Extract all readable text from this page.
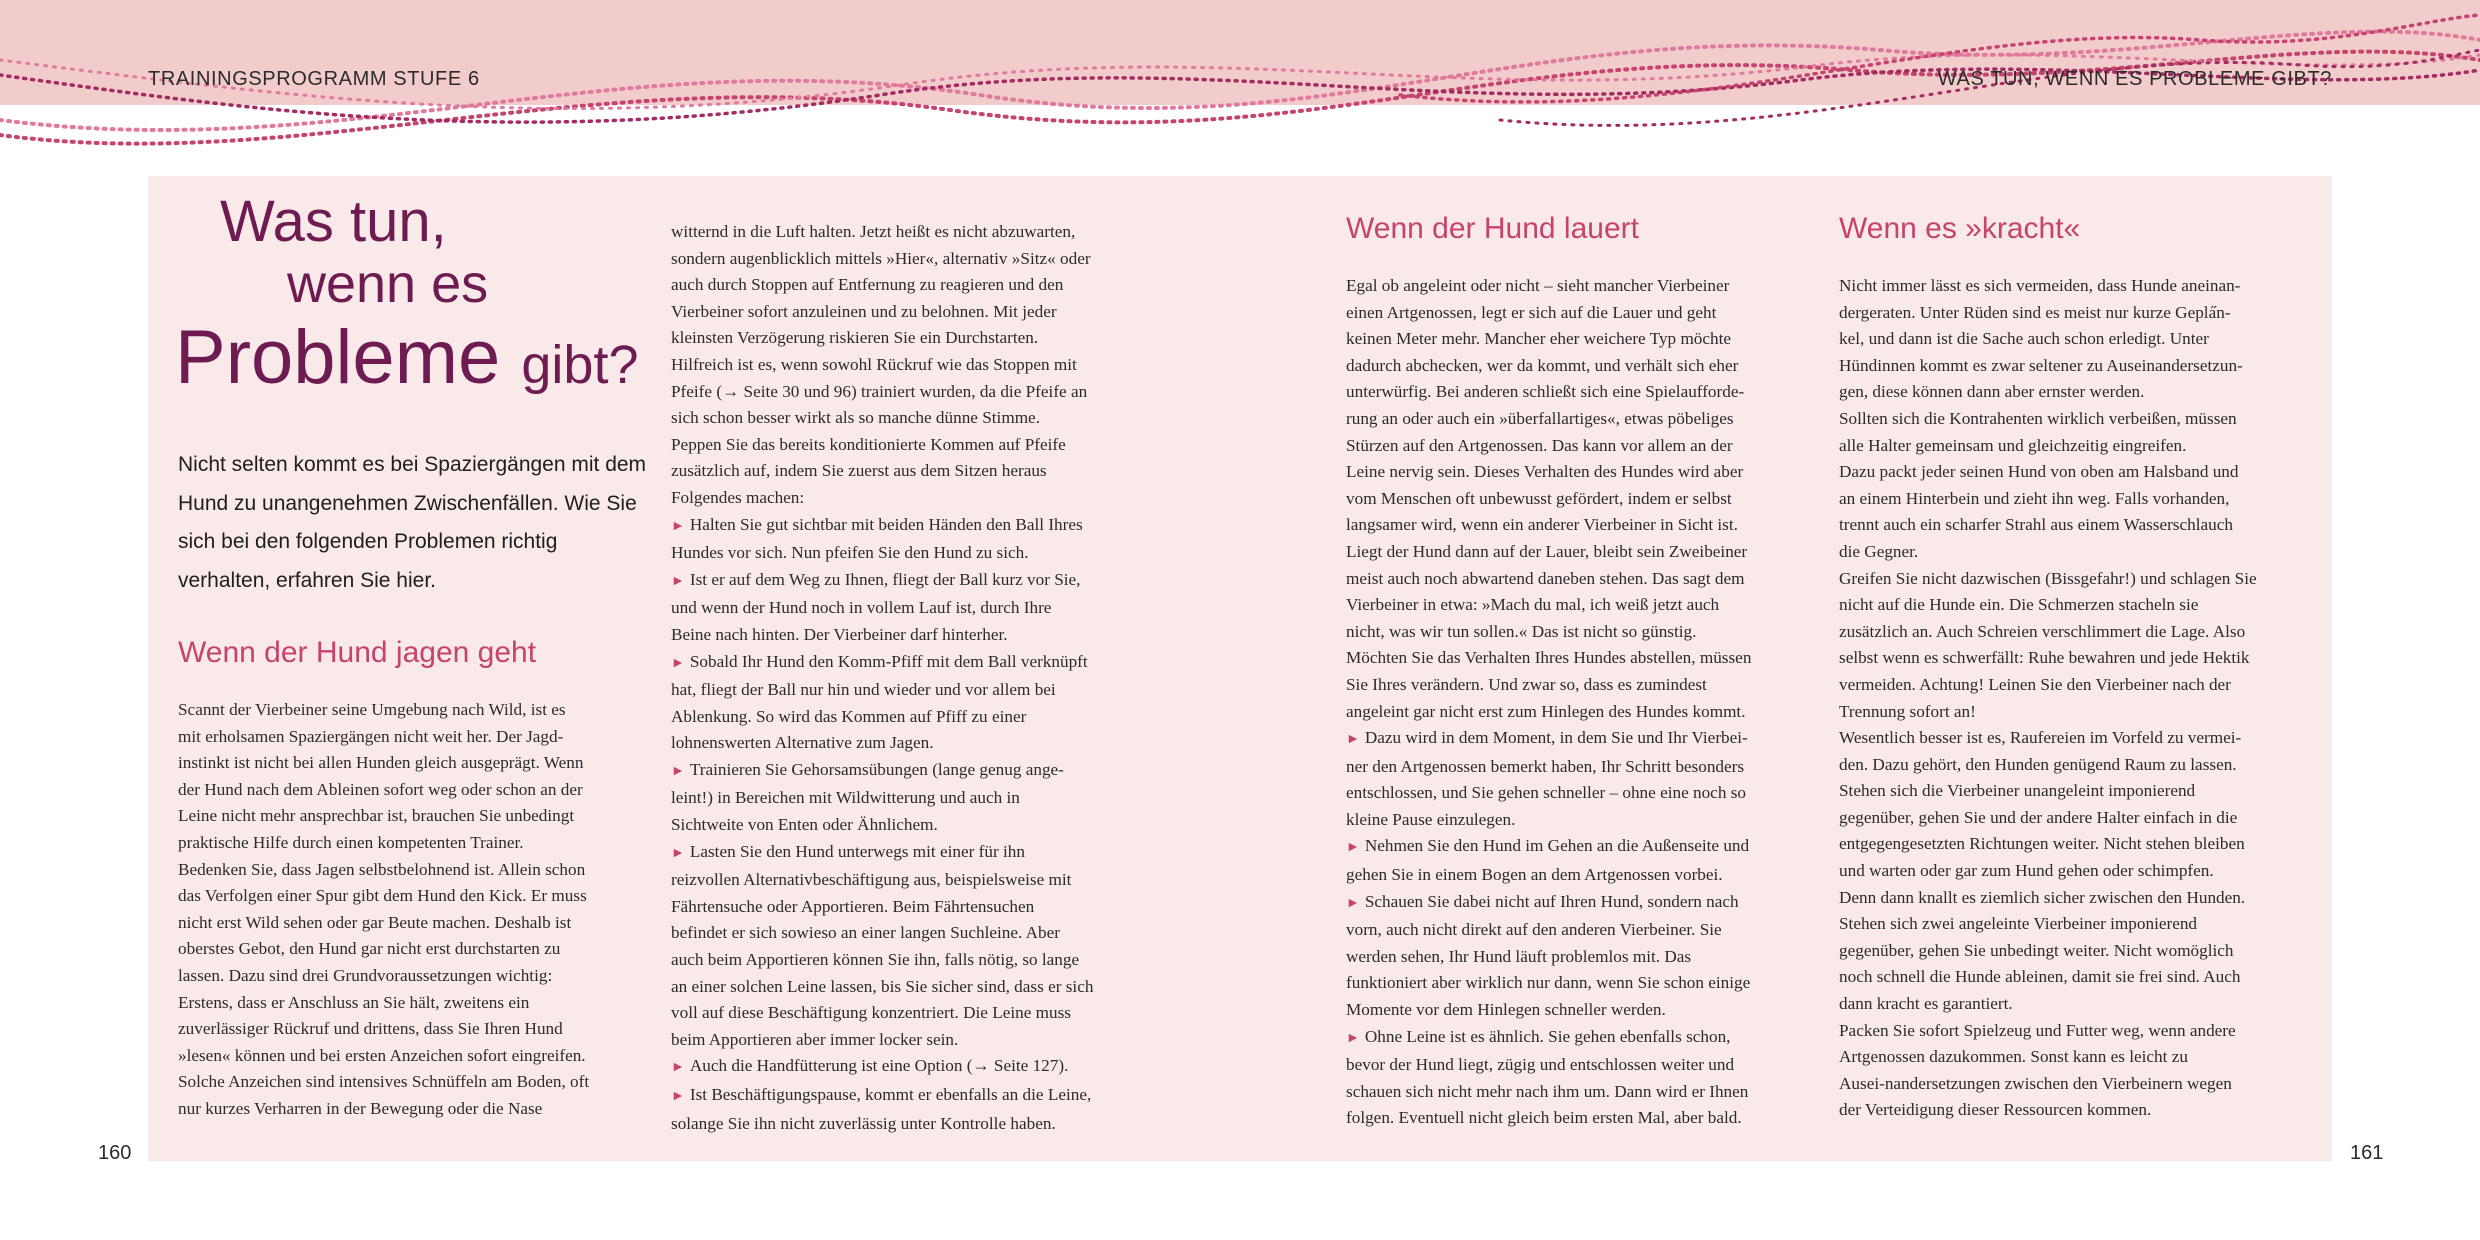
TRAININGSPROGRAMM STUFE 6	WAS TUN, WENN ES PROBLEME GIBT?
Was tun,
wenn es
Probleme gibt?
Nicht selten kommt es bei Spaziergängen mit dem Hund zu unangenehmen Zwischenfällen. Wie Sie sich bei den folgenden Problemen richtig verhalten, erfahren Sie hier.
Wenn der Hund jagen geht

Scannt der Vierbeiner seine Umgebung nach Wild, ist es

mit erholsamen Spaziergängen nicht weit her. Der Jagd-

instinkt ist nicht bei allen Hunden gleich ausgeprägt. Wenn

der Hund nach dem Ableinen sofort weg oder schon an der

Leine nicht mehr ansprechbar ist, brauchen Sie unbedingt

praktische Hilfe durch einen kompetenten Trainer.

Bedenken Sie, dass Jagen selbstbelohnend ist. Allein schon

das Verfolgen einer Spur gibt dem Hund den Kick. Er muss

nicht erst Wild sehen oder gar Beute machen. Deshalb ist

oberstes Gebot, den Hund gar nicht erst durchstarten zu

lassen. Dazu sind drei Grundvoraussetzungen wichtig:

Erstens, dass er Anschluss an Sie hält, zweitens ein

zuverlässiger Rückruf und drittens, dass Sie Ihren Hund

»lesen« können und bei ersten Anzeichen sofort eingreifen.

Solche Anzeichen sind intensives Schnüffeln am Boden, oft

nur kurzes Verharren in der Bewegung oder die Nase

witternd in die Luft halten. Jetzt heißt es nicht abzuwarten,

sondern augenblicklich mittels »Hier«, alternativ »Sitz« oder

auch durch Stoppen auf Entfernung zu reagieren und den

Vierbeiner sofort anzuleinen und zu belohnen. Mit jeder

kleinsten Verzögerung riskieren Sie ein Durchstarten.

Hilfreich ist es, wenn sowohl Rückruf wie das Stoppen mit

Pfeife (→ Seite 30 und 96) trainiert wurden, da die Pfeife an

sich schon besser wirkt als so manche dünne Stimme.

Peppen Sie das bereits konditionierte Kommen auf Pfeife

zusätzlich auf, indem Sie zuerst aus dem Sitzen heraus

Folgendes machen:

► Halten Sie gut sichtbar mit beiden Händen den Ball Ihres

Hundes vor sich. Nun pfeifen Sie den Hund zu sich.

► Ist er auf dem Weg zu Ihnen, fliegt der Ball kurz vor Sie,

und wenn der Hund noch in vollem Lauf ist, durch Ihre

Beine nach hinten. Der Vierbeiner darf hinterher.

► Sobald Ihr Hund den Komm-Pfiff mit dem Ball verknüpft

hat, fliegt der Ball nur hin und wieder und vor allem bei

Ablenkung. So wird das Kommen auf Pfiff zu einer

lohnenswerten Alternative zum Jagen.

► Trainieren Sie Gehorsamsübungen (lange genug ange-

leint!) in Bereichen mit Wildwitterung und auch in

Sichtweite von Enten oder Ähnlichem.

► Lasten Sie den Hund unterwegs mit einer für ihn

reizvollen Alternativbeschäftigung aus, beispielsweise mit

Fährtensuche oder Apportieren. Beim Fährtensuchen

befindet er sich sowieso an einer langen Suchleine. Aber

auch beim Apportieren können Sie ihn, falls nötig, so lange

an einer solchen Leine lassen, bis Sie sicher sind, dass er sich

voll auf diese Beschäftigung konzentriert. Die Leine muss

beim Apportieren aber immer locker sein.

► Auch die Handfütterung ist eine Option (→ Seite 127).

► Ist Beschäftigungspause, kommt er ebenfalls an die Leine,

solange Sie ihn nicht zuverlässig unter Kontrolle haben.

Wenn der Hund lauert

Egal ob angeleint oder nicht – sieht mancher Vierbeiner

einen Artgenossen, legt er sich auf die Lauer und geht

keinen Meter mehr. Mancher eher weichere Typ möchte

dadurch abchecken, wer da kommt, und verhält sich eher

unterwürfig. Bei anderen schließt sich eine Spielaufforde-

rung an oder auch ein »überfallartiges«, etwas pöbeliges

Stürzen auf den Artgenossen. Das kann vor allem an der

Leine nervig sein. Dieses Verhalten des Hundes wird aber

vom Menschen oft unbewusst gefördert, indem er selbst

langsamer wird, wenn ein anderer Vierbeiner in Sicht ist.

Liegt der Hund dann auf der Lauer, bleibt sein Zweibeiner

meist auch noch abwartend daneben stehen. Das sagt dem

Vierbeiner in etwa: »Mach du mal, ich weiß jetzt auch

nicht, was wir tun sollen.« Das ist nicht so günstig.

Möchten Sie das Verhalten Ihres Hundes abstellen, müssen

Sie Ihres verändern. Und zwar so, dass es zumindest

angeleint gar nicht erst zum Hinlegen des Hundes kommt.

► Dazu wird in dem Moment, in dem Sie und Ihr Vierbei-

ner den Artgenossen bemerkt haben, Ihr Schritt besonders

entschlossen, und Sie gehen schneller – ohne eine noch so

kleine Pause einzulegen.

► Nehmen Sie den Hund im Gehen an die Außenseite und

gehen Sie in einem Bogen an dem Artgenossen vorbei.

► Schauen Sie dabei nicht auf Ihren Hund, sondern nach

vorn, auch nicht direkt auf den anderen Vierbeiner. Sie

werden sehen, Ihr Hund läuft problemlos mit. Das

funktioniert aber wirklich nur dann, wenn Sie schon einige

Momente vor dem Hinlegen schneller werden.

► Ohne Leine ist es ähnlich. Sie gehen ebenfalls schon,

bevor der Hund liegt, zügig und entschlossen weiter und

schauen sich nicht mehr nach ihm um. Dann wird er Ihnen

folgen. Eventuell nicht gleich beim ersten Mal, aber bald.

Wenn es »kracht«

Nicht immer lässt es sich vermeiden, dass Hunde aneinan-

dergeraten. Unter Rüden sind es meist nur kurze Gepla̋n-

kel, und dann ist die Sache auch schon erledigt. Unter

Hündinnen kommt es zwar seltener zu Auseinandersetzun-

gen, diese können dann aber ernster werden.

Sollten sich die Kontrahenten wirklich verbeißen, müssen

alle Halter gemeinsam und gleichzeitig eingreifen.

Dazu packt jeder seinen Hund von oben am Halsband und

an einem Hinterbein und zieht ihn weg. Falls vorhanden,

trennt auch ein scharfer Strahl aus einem Wasserschlauch

die Gegner.

Greifen Sie nicht dazwischen (Bissgefahr!) und schlagen Sie

nicht auf die Hunde ein. Die Schmerzen stacheln sie

zusätzlich an. Auch Schreien verschlimmert die Lage. Also

selbst wenn es schwerfällt: Ruhe bewahren und jede Hektik

vermeiden. Achtung! Leinen Sie den Vierbeiner nach der

Trennung sofort an!

Wesentlich besser ist es, Raufereien im Vorfeld zu vermei-

den. Dazu gehört, den Hunden genügend Raum zu lassen.

Stehen sich die Vierbeiner unangeleint imponierend

gegenüber, gehen Sie und der andere Halter einfach in die

entgegengesetzten Richtungen weiter. Nicht stehen bleiben

und warten oder gar zum Hund gehen oder schimpfen.

Denn dann knallt es ziemlich sicher zwischen den Hunden.

Stehen sich zwei angeleinte Vierbeiner imponierend

gegenüber, gehen Sie unbedingt weiter. Nicht womöglich

noch schnell die Hunde ableinen, damit sie frei sind. Auch

dann kracht es garantiert.

Packen Sie sofort Spielzeug und Futter weg, wenn andere

Artgenossen dazukommen. Sonst kann es leicht zu

Ausei-nandersetzungen zwischen den Vierbeinern wegen

der Verteidigung dieser Ressourcen kommen.

160	161
